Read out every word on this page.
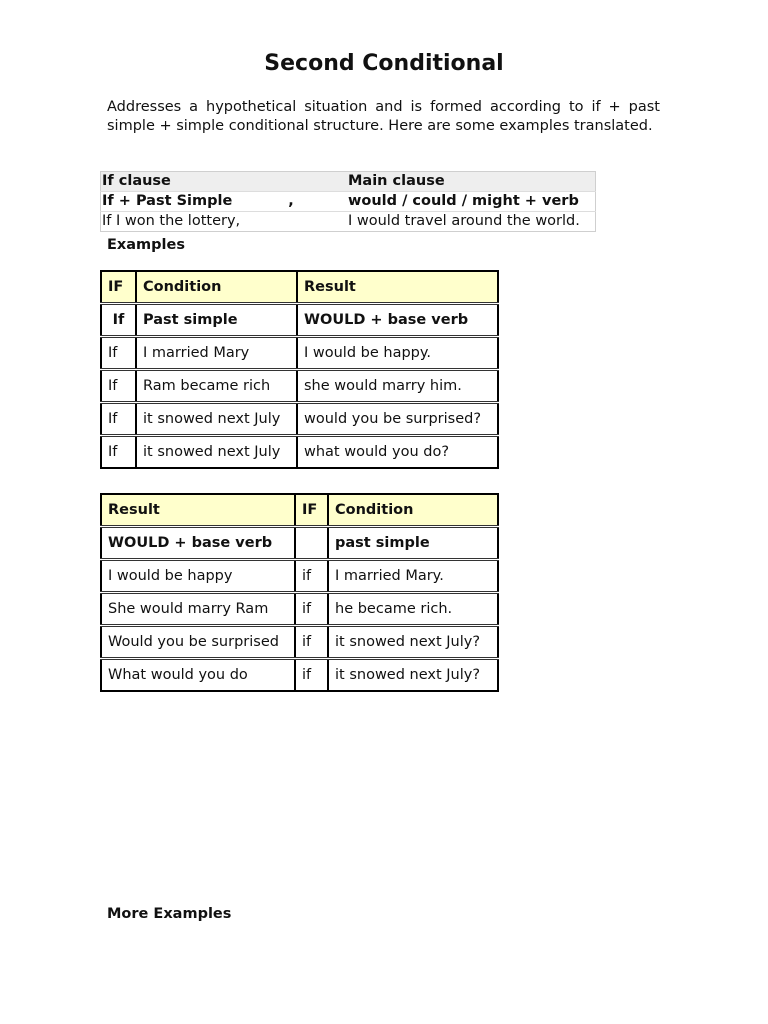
Second Conditional
Addresses a hypothetical situation and is formed according to if + past simple + simple conditional structure. Here are some examples translated.
If clause	Main clause
If + Past Simple ,	would / could / might + verb
If I won the lottery,	I would travel around the world.
Examples
IF	Condition	Result
If	Past simple	WOULD + base verb
If	I married Mary	I would be happy.
If	Ram became rich	she would marry him.
If	it snowed next July	would you be surprised?
If	it snowed next July	what would you do?
Result	IF	Condition
WOULD + base verb		past simple
I would be happy	if	I married Mary.
She would marry Ram	if	he became rich.
Would you be surprised	if	it snowed next July?
What would you do	if	it snowed next July?
More Examples
